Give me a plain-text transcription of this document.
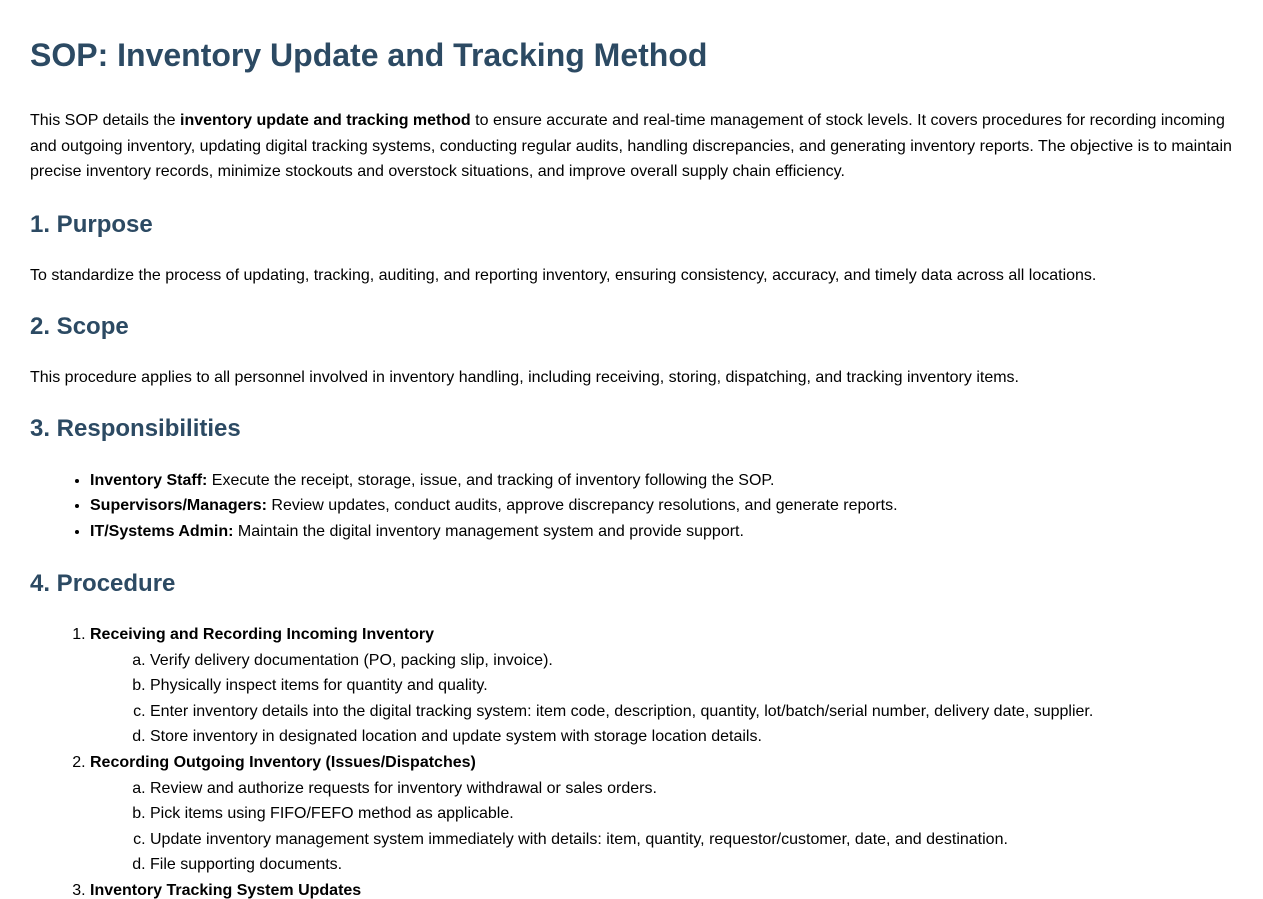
SOP: Inventory Update and Tracking Method

This SOP details the inventory update and tracking method to ensure accurate and real-time management of stock levels. It covers procedures for recording incoming and outgoing inventory, updating digital tracking systems, conducting regular audits, handling discrepancies, and generating inventory reports. The objective is to maintain precise inventory records, minimize stockouts and overstock situations, and improve overall supply chain efficiency.

1. Purpose

To standardize the process of updating, tracking, auditing, and reporting inventory, ensuring consistency, accuracy, and timely data across all locations.

2. Scope

This procedure applies to all personnel involved in inventory handling, including receiving, storing, dispatching, and tracking inventory items.

3. Responsibilities
• Inventory Staff: Execute the receipt, storage, issue, and tracking of inventory following the SOP.
• Supervisors/Managers: Review updates, conduct audits, approve discrepancy resolutions, and generate reports.
• IT/Systems Admin: Maintain the digital inventory management system and provide support.
4. Procedure
1. Receiving and Recording Incoming Inventory
a. Verify delivery documentation (PO, packing slip, invoice).
b. Physically inspect items for quantity and quality.
c. Enter inventory details into the digital tracking system: item code, description, quantity, lot/batch/serial number, delivery date, supplier.
d. Store inventory in designated location and update system with storage location details.
2. Recording Outgoing Inventory (Issues/Dispatches)
a. Review and authorize requests for inventory withdrawal or sales orders.
b. Pick items using FIFO/FEFO method as applicable.
c. Update inventory management system immediately with details: item, quantity, requestor/customer, date, and destination.
d. File supporting documents.
3. Inventory Tracking System Updates
